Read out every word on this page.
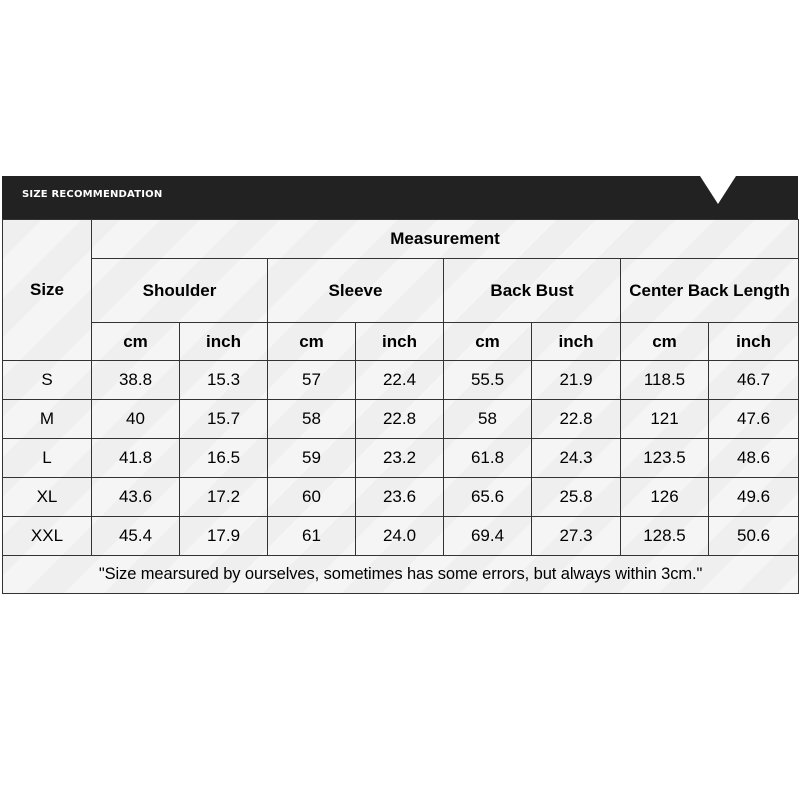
SIZE RECOMMENDATION
Size	Measurement							
	Shoulder		Sleeve		Back Bust		Center Back Length	
	cm	inch	cm	inch	cm	inch	cm	inch
S	38.8	15.3	57	22.4	55.5	21.9	118.5	46.7
M	40	15.7	58	22.8	58	22.8	121	47.6
L	41.8	16.5	59	23.2	61.8	24.3	123.5	48.6
XL	43.6	17.2	60	23.6	65.6	25.8	126	49.6
XXL	45.4	17.9	61	24.0	69.4	27.3	128.5	50.6
"Size mearsured by ourselves, sometimes has some errors, but always within 3cm."								
